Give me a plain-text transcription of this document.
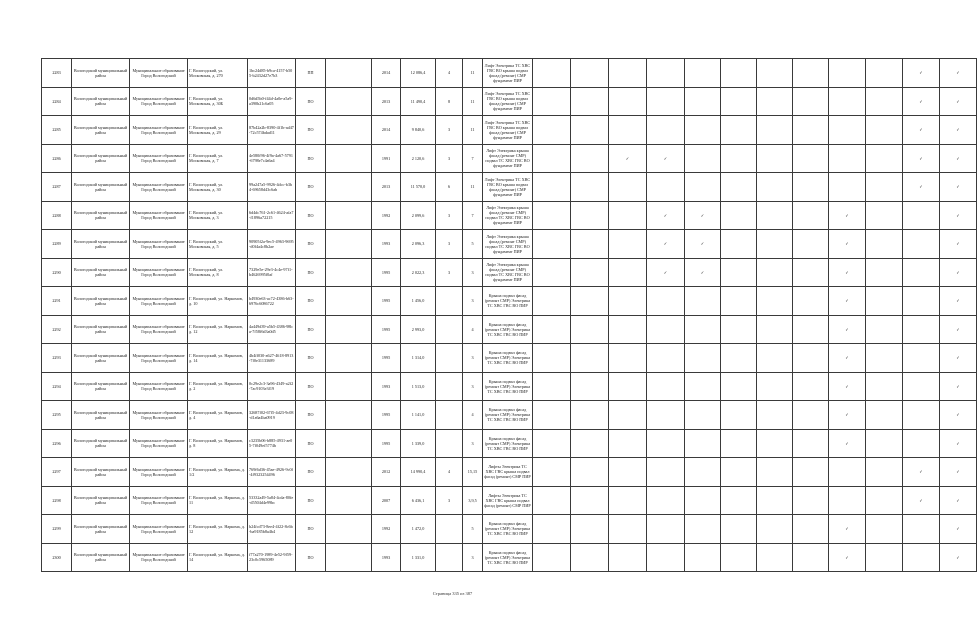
2283	Вологодский муниципальный район	Муниципальное образование Город Вологодский	Г. Вологодский, ул. Московская, д. 270	1bc24d85-b9ca-4157-b505-b2432d27e7b3	ПП		2014	12 086,4	4	11	Лифт Электрика ТС ХВС ГВС ВО крыша подвал фасад (ремонт) СМР фундамент ПИР											✓	✓
2284	Вологодский муниципальный район	Муниципальное образование Город Вологодский	Г. Вологодский, ул. Московская, д. 30Б	0d6d5b0-f44d-4a0e-a5a9-a390b21c6a05	ПО		2013	11 490,4	8	11	Лифт Электрика ТС ХВС ГВС ВО крыша подвал фасад (ремонт) СМР фундамент ПИР											✓	✓
2285	Вологодский муниципальный район	Муниципальное образование Город Вологодский	Г. Вологодский, ул. Московская, д. 29	87b42a2b-8390-4f1b-ad47-72c574bdad11	ПО		2014	9 840,6	3	11	Лифт Электрика ТС ХВС ГВС ВО крыша подвал фасад (ремонт) СМР фундамент ПИР											✓	✓
2286	Вологодский муниципальный район	Муниципальное образование Город Вологодский	Г. Вологодский, ул. Московская, д. 7	4e580f96-4f9a-4a67-5791-6798e7c4a6a4	ПО		1991	2 120,6	3	7	Лифт Электрика крыша фасад (ремонт СМР) подвал ТС ХВС ГВС ВО фундамент ПИР			✓	✓							✓	✓
2287	Вологодский муниципальный район	Муниципальное образование Город Вологодский	Г. Вологодский, ул. Московская, д. 30	99a247a5-9926-4dcc-b3b4-69658d43c6ab	ПО		2013	11 570,0	6	11	Лифт Электрика ТС ХВС ГВС ВО крыша подвал фасад (ремонт) СМР фундамент ПИР											✓	✓
2288	Вологодский муниципальный район	Муниципальное образование Город Вологодский	Г. Вологодский, ул. Московская, д. 3	6d4dc761-2c61-4624-afa7-f1896a72215	ПО		1992	2 099,6	3	7	Лифт Электрика крыша фасад (ремонт СМР) подвал ТС ХВС ГВС ВО фундамент ПИР				✓	✓				✓			✓
2289	Вологодский муниципальный район	Муниципальное образование Город Вологодский	Г. Вологодский, ул. Московская, д. 5	90905f2a-9ec5-4963-9695-d0f4a4c8b2ae	ПО		1993	2 096,3	3	5	Лифт Электрика крыша фасад (ремонт СМР) подвал ТС ХВС ГВС ВО фундамент ПИР				✓	✓				✓			✓
2290	Вологодский муниципальный район	Муниципальное образование Город Вологодский	Г. Вологодский, ул. Московская, д. 8	7329e5e-29e3-4c4e-97f1-b4626995f0af	ПО		1995	2 022,3	3	3	Лифт Электрика крыша фасад (ремонт СМР) подвал ТС ХВС ГВС ВО фундамент ПИР				✓	✓				✓			✓
2291	Вологодский муниципальный район	Муниципальное образование Город Вологодский	Г. Вологодский, ул. Наркомов, д. 10	b4930e63-ac72-4386-b63-6976c6086722	ПО		1995	1 456,0		3	Крыша подвал фасад (ремонт СМР) Электрика ТС ХВС ГВС ВО ПИР									✓			✓
2292	Вологодский муниципальный район	Муниципальное образование Город Вологодский	Г. Вологодский, ул. Наркомов, д. 12	4a449d39-a5b5-4386-98ba-7f58f6d3a0d5	ПО		1995	2 993,0		4	Крыша подвал фасад (ремонт СМР) Электрика ТС ХВС ГВС ВО ПИР									✓			✓
2293	Вологодский муниципальный район	Муниципальное образование Город Вологодский	Г. Вологодский, ул. Наркомов, д. 14	4b4ff030-a627-4618-8913-7f0e31133689	ПО		1995	1 314,0		3	Крыша подвал фасад (ремонт СМР) Электрика ТС ХВС ГВС ВО ПИР									✓			✓
2294	Вологодский муниципальный район	Муниципальное образование Город Вологодский	Г. Вологодский, ул. Наркомов, д. 2	0c29e2c3-3a96-4349-a2f2-7ac9103e3f19	ПО		1993	1 513,0		3	Крыша подвал фасад (ремонт СМР) Электрика ТС ХВС ГВС ВО ПИР									✓			✓
2295	Вологодский муниципальный район	Муниципальное образование Город Вологодский	Г. Вологодский, ул. Наркомов, д. 4	32687f02-67f5-4d23-9c08-d1a6a4ba0919	ПО		1995	1 141,0		4	Крыша подвал фасад (ремонт СМР) Электрика ТС ХВС ГВС ВО ПИР									✓			✓
2296	Вологодский муниципальный район	Муниципальное образование Город Вологодский	Г. Вологодский, ул. Наркомов, д. 8	c3235b06-b885-4931-ae05-7f049ef5774b	ПО		1995	1 339,0		3	Крыша подвал фасад (ремонт СМР) Электрика ТС ХВС ГВС ВО ПИР									✓			✓
2297	Вологодский муниципальный район	Муниципальное образование Город Вологодский	Г. Вологодский, ул. Наркома, д. 1/2	769f6d36-45ae-4926-9c0f-4f9323254496	ПО		2012	14 990,4	4	15,15	Лифты Электрика ТС ХВС ГВС крыша подвал фасад (ремонт) СМР ПИР											✓	✓
2298	Вологодский муниципальный район	Муниципальное образование Город Вологодский	Г. Вологодский, ул. Наркома, д. 11	53332a49-5a84-4cda-80fe-d5504d4e99bc	ПО		2007	6 436,1	3	3,9,5	Лифты Электрика ТС ХВС ГВС крыша подвал фасад (ремонт) СМР ПИР											✓	✓
2299	Вологодский муниципальный район	Муниципальное образование Город Вологодский	Г. Вологодский, ул. Наркома, д. 12	b24fcd73-8ee4-4f22-8c6b-ba9185b8a4b4	ПО		1992	1 472,0		5	Крыша подвал фасад (ремонт СМР) Электрика ТС ХВС ГВС ВО ПИР									✓			✓
2300	Вологодский муниципальный район	Муниципальное образование Город Вологодский	Г. Вологодский, ул. Наркома, д. 14	f77a270-1989-4e52-9f59-23c0c5965089	ПО		1993	1 331,0		3	Крыша подвал фасад (ремонт СМР) Электрика ТС ХВС ГВС ВО ПИР									✓			✓
Страница 335 из 387
